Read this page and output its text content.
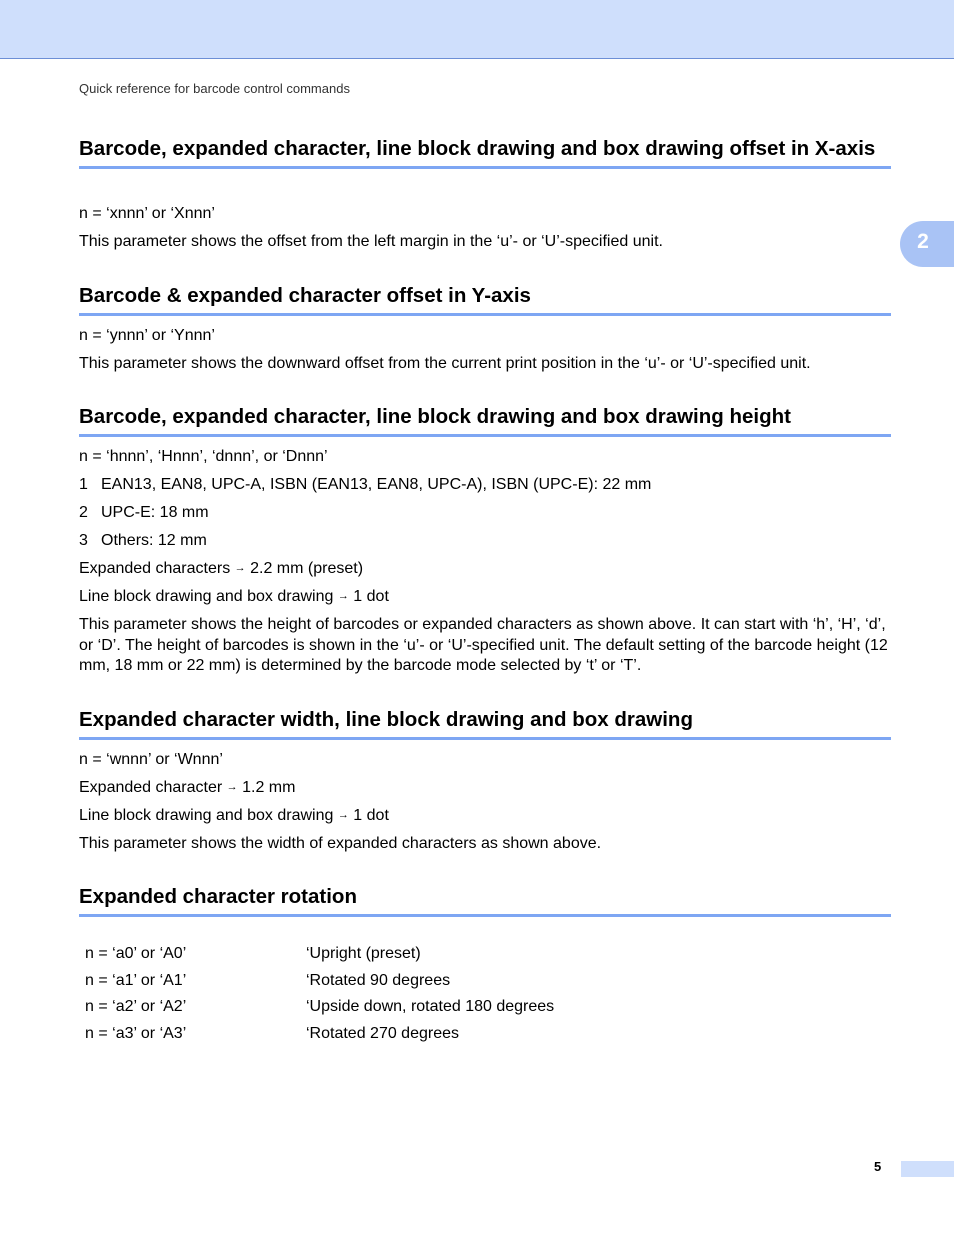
Quick reference for barcode control commands
2
Barcode, expanded character, line block drawing and box drawing offset in X-axis

n = ‘xnnn’ or ‘Xnnn’

This parameter shows the offset from the left margin in the ‘u’- or ‘U’-specified unit.

Barcode & expanded character offset in Y-axis

n = ‘ynnn’ or ‘Ynnn’

This parameter shows the downward offset from the current print position in the ‘u’- or ‘U’-specified unit.

Barcode, expanded character, line block drawing and box drawing height

n = ‘hnnn’, ‘Hnnn’, ‘dnnn’, or ‘Dnnn’

1 EAN13, EAN8, UPC-A, ISBN (EAN13, EAN8, UPC-A), ISBN (UPC-E): 22 mm

2 UPC-E: 18 mm

3 Others: 12 mm

Expanded characters → 2.2 mm (preset)

Line block drawing and box drawing → 1 dot

This parameter shows the height of barcodes or expanded characters as shown above. It can start with ‘h’, ‘H’, ‘d’, or ‘D’. The height of barcodes is shown in the ‘u’- or ‘U’-specified unit. The default setting of the barcode height (12 mm, 18 mm or 22 mm) is determined by the barcode mode selected by ‘t’ or ‘T’.

Expanded character width, line block drawing and box drawing

n = ‘wnnn’ or ‘Wnnn’

Expanded character → 1.2 mm

Line block drawing and box drawing → 1 dot

This parameter shows the width of expanded characters as shown above.

Expanded character rotation
n = ‘a0’ or ‘A0’	‘Upright (preset)
n = ‘a1’ or ‘A1’	‘Rotated 90 degrees
n = ‘a2’ or ‘A2’	‘Upside down, rotated 180 degrees
n = ‘a3’ or ‘A3’	‘Rotated 270 degrees
5
